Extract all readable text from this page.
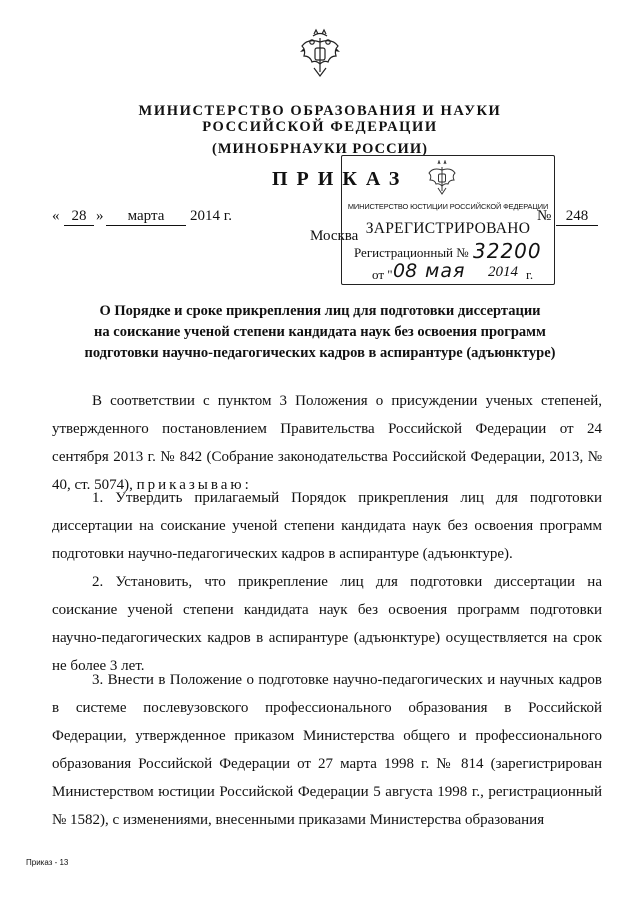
МИНИСТЕРСТВО ОБРАЗОВАНИЯ И НАУКИ
РОССИЙСКОЙ ФЕДЕРАЦИИ
(МИНОБРНАУКИ РОССИИ)
ПРИКАЗ
« 28 »	марта	2014 г.	№ 248
Москва
МИНИСТЕРСТВО ЮСТИЦИИ РОССИЙСКОЙ ФЕДЕРАЦИИ
ЗАРЕГИСТРИРОВАНО
Регистрационный № 32200
от " 08 мая 2014 г.
О Порядке и сроке прикрепления лиц для подготовки диссертации
на соискание ученой степени кандидата наук без освоения программ
подготовки научно-педагогических кадров в аспирантуре (адъюнктуре)
В соответствии с пунктом 3 Положения о присуждении ученых степеней, утвержденного постановлением Правительства Российской Федерации от 24 сентября 2013 г. № 842 (Собрание законодательства Российской Федерации, 2013, № 40, ст. 5074), приказываю:
1. Утвердить прилагаемый Порядок прикрепления лиц для подготовки диссертации на соискание ученой степени кандидата наук без освоения программ подготовки научно-педагогических кадров в аспирантуре (адъюнктуре).
2. Установить, что прикрепление лиц для подготовки диссертации на соискание ученой степени кандидата наук без освоения программ подготовки научно-педагогических кадров в аспирантуре (адъюнктуре) осуществляется на срок не более 3 лет.
3. Внести в Положение о подготовке научно-педагогических и научных кадров в системе послевузовского профессионального образования в Российской Федерации, утвержденное приказом Министерства общего и профессионального образования Российской Федерации от 27 марта 1998 г. № 814 (зарегистрирован Министерством юстиции Российской Федерации 5 августа 1998 г., регистрационный № 1582), с изменениями, внесенными приказами Министерства образования
Приказ - 13
